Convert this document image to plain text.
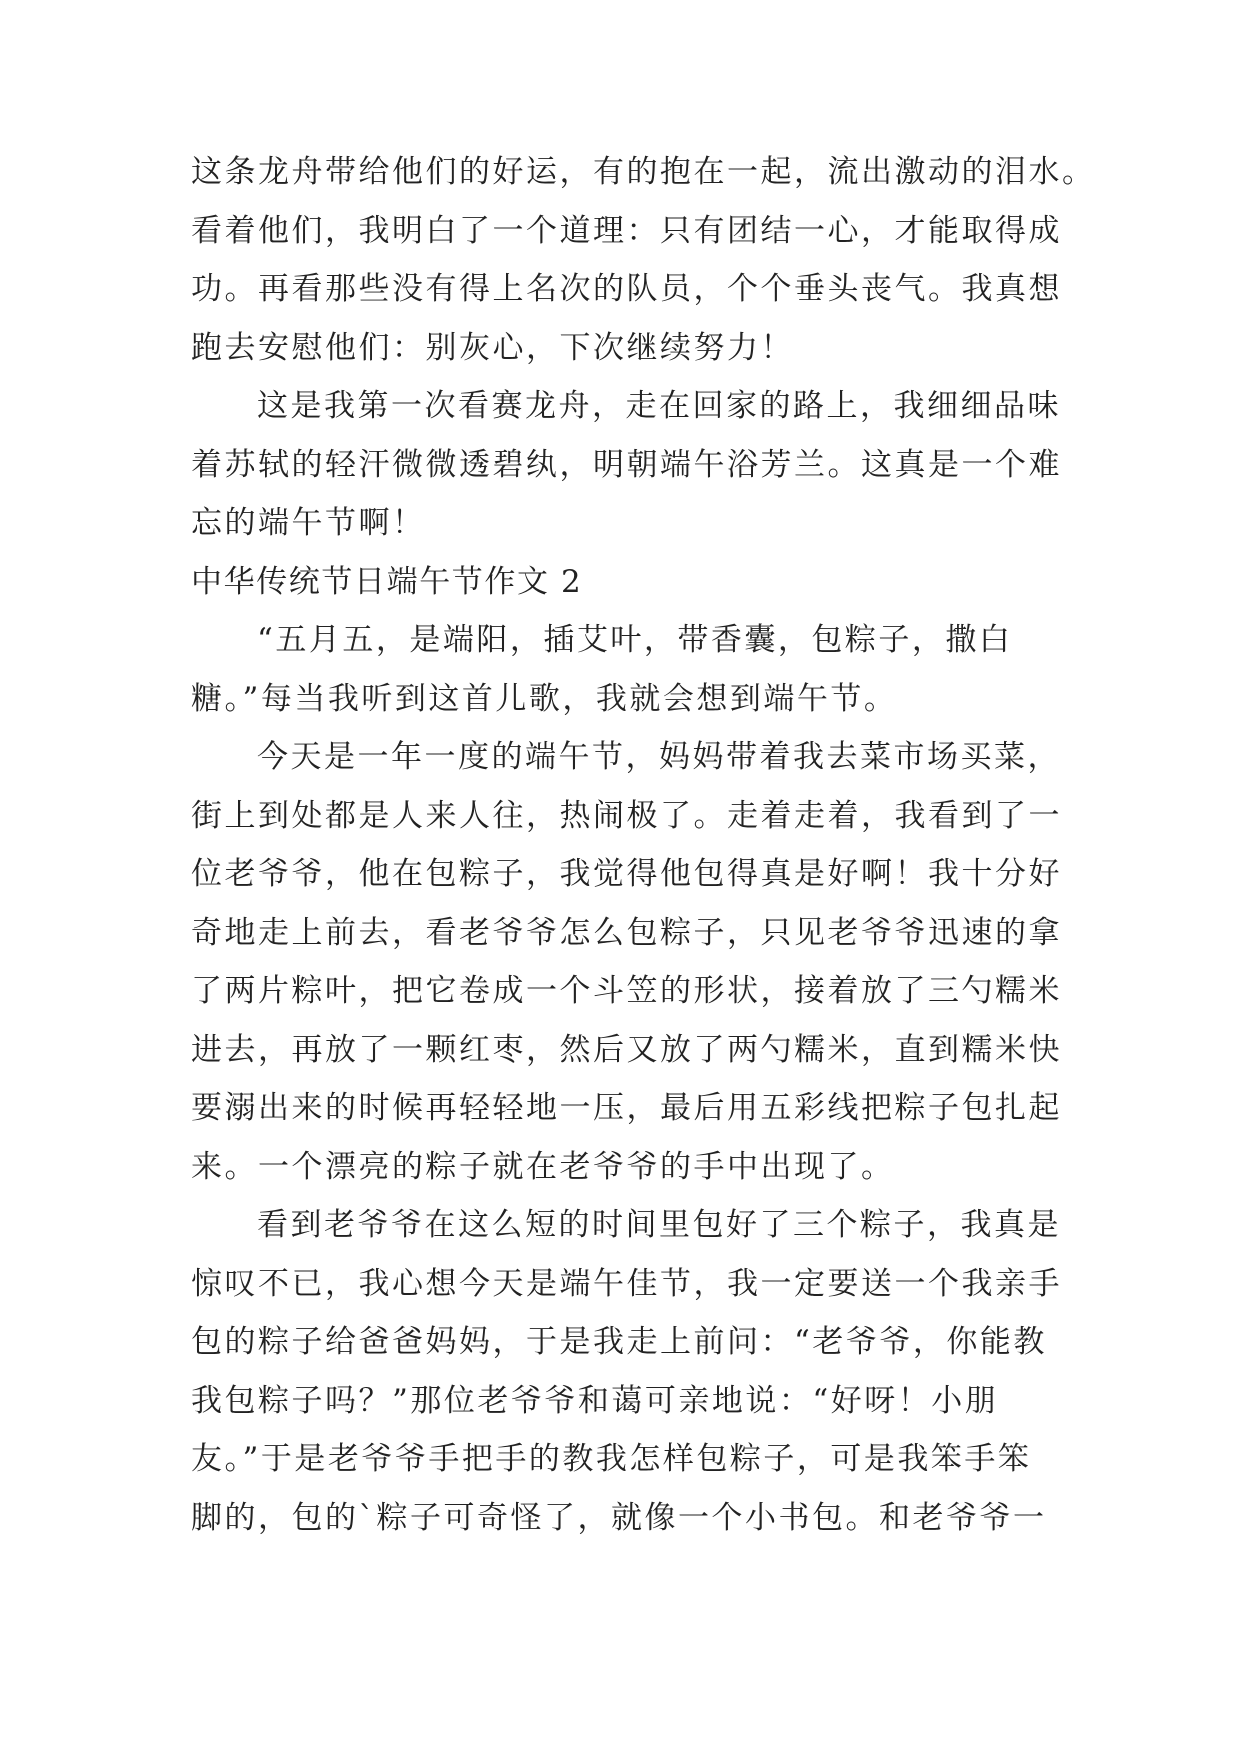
这条龙舟带给他们的好运，有的抱在一起，流出激动的泪水。
看着他们，我明白了一个道理：只有团结一心，才能取得成
功。再看那些没有得上名次的队员，个个垂头丧气。我真想
跑去安慰他们：别灰心，下次继续努力！
这是我第一次看赛龙舟，走在回家的路上，我细细品味
着苏轼的轻汗微微透碧纨，明朝端午浴芳兰。这真是一个难
忘的端午节啊！
中华传统节日端午节作文 2
“五月五，是端阳，插艾叶，带香囊，包粽子，撒白
糖。”每当我听到这首儿歌，我就会想到端午节。
今天是一年一度的端午节，妈妈带着我去菜市场买菜，
街上到处都是人来人往，热闹极了。走着走着，我看到了一
位老爷爷，他在包粽子，我觉得他包得真是好啊！我十分好
奇地走上前去，看老爷爷怎么包粽子，只见老爷爷迅速的拿
了两片粽叶，把它卷成一个斗笠的形状，接着放了三勺糯米
进去，再放了一颗红枣，然后又放了两勺糯米，直到糯米快
要溺出来的时候再轻轻地一压，最后用五彩线把粽子包扎起
来。一个漂亮的粽子就在老爷爷的手中出现了。
看到老爷爷在这么短的时间里包好了三个粽子，我真是
惊叹不已，我心想今天是端午佳节，我一定要送一个我亲手
包的粽子给爸爸妈妈，于是我走上前问：“老爷爷，你能教
我包粽子吗？”那位老爷爷和蔼可亲地说：“好呀！小朋
友。”于是老爷爷手把手的教我怎样包粽子，可是我笨手笨
脚的，包的`粽子可奇怪了，就像一个小书包。和老爷爷一
